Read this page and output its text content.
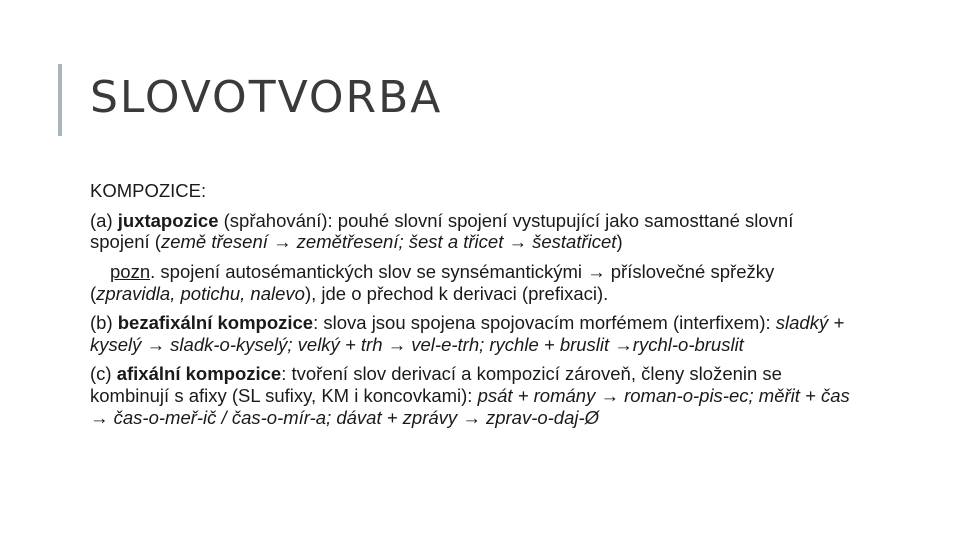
SLOVOTVORBA

KOMPOZICE:

(a) juxtapozice (spřahování): pouhé slovní spojení vystupující jako samosttané slovní spojení (země třesení → zemětřesení; šest a třicet → šestatřicet)

pozn. spojení autosémantických slov se synsémantickými → příslovečné spřežky (zpravidla, potichu, nalevo), jde o přechod k derivaci (prefixaci).

(b) bezafixální kompozice: slova jsou spojena spojovacím morfémem (interfixem): sladký + kyselý → sladk-o-kyselý; velký + trh → vel-e-trh; rychle + bruslit →rychl-o-bruslit

(c) afixální kompozice: tvoření slov derivací a kompozicí zároveň, členy složenin se kombinují s afixy (SL sufixy, KM i koncovkami): psát + romány → roman-o-pis-ec; měřit + čas → čas-o-meř-ič / čas-o-mír-a; dávat + zprávy → zprav-o-daj-Ø
